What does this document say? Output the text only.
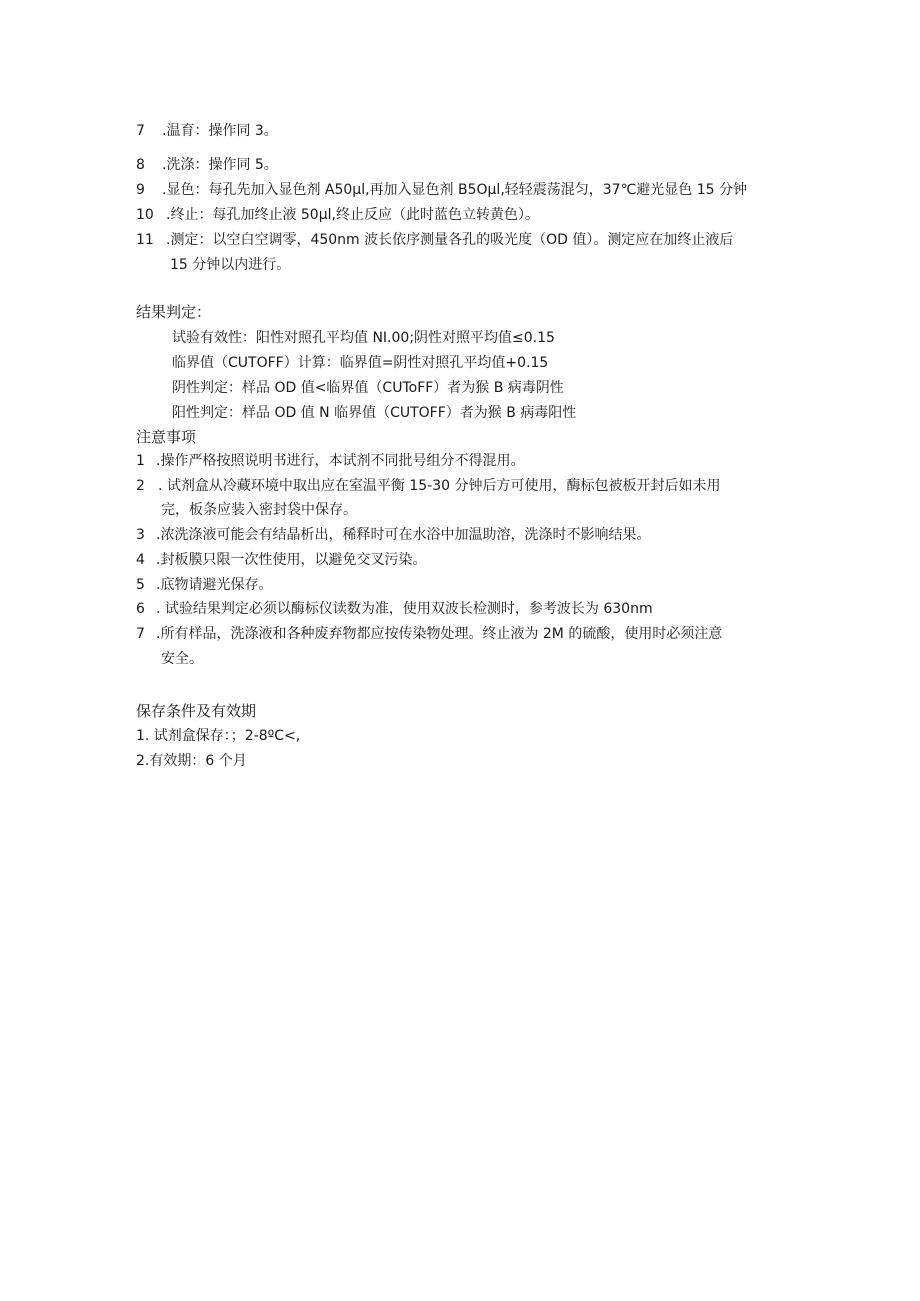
7 .温育：操作同 3。
8 .洗涤：操作同 5。
9 .显色：每孔先加入显色剂 A50μl,再加入显色剂 B5Oμl,轻轻震荡混匀，37℃避光显色 15 分钟
10 .终止：每孔加终止液 50μl,终止反应（此时蓝色立转黄色）。
11 .测定：以空白空调零，450nm 波长依序测量各孔的吸光度（OD 值）。测定应在加终止液后
15 分钟以内进行。
结果判定：
试验有效性：阳性对照孔平均值 NI.00;阴性对照平均值≤0.15
临界值（CUTOFF）计算：临界值=阴性对照孔平均值+0.15
阴性判定：样品 OD 值<临界值（CUToFF）者为猴 B 病毒阴性
阳性判定：样品 OD 值 N 临界值（CUTOFF）者为猴 B 病毒阳性
注意事项
1 .操作严格按照说明书进行，本试剂不同批号组分不得混用。
2 . 试剂盒从冷藏环境中取出应在室温平衡 15-30 分钟后方可使用，酶标包被板开封后如未用
完，板条应装入密封袋中保存。
3 .浓洗涤液可能会有结晶析出，稀释时可在水浴中加温助溶，洗涤时不影响结果。
4 .封板膜只限一次性使用，以避免交叉污染。
5 .底物请避光保存。
6 . 试验结果判定必须以酶标仪读数为准，使用双波长检测时，参考波长为 630nm
7 .所有样品，洗涤液和各种废弃物都应按传染物处理。终止液为 2M 的硫酸，使用时必须注意
安全。
保存条件及有效期
1. 试剂盒保存：；2-8ºC<,
2.有效期：6 个月
